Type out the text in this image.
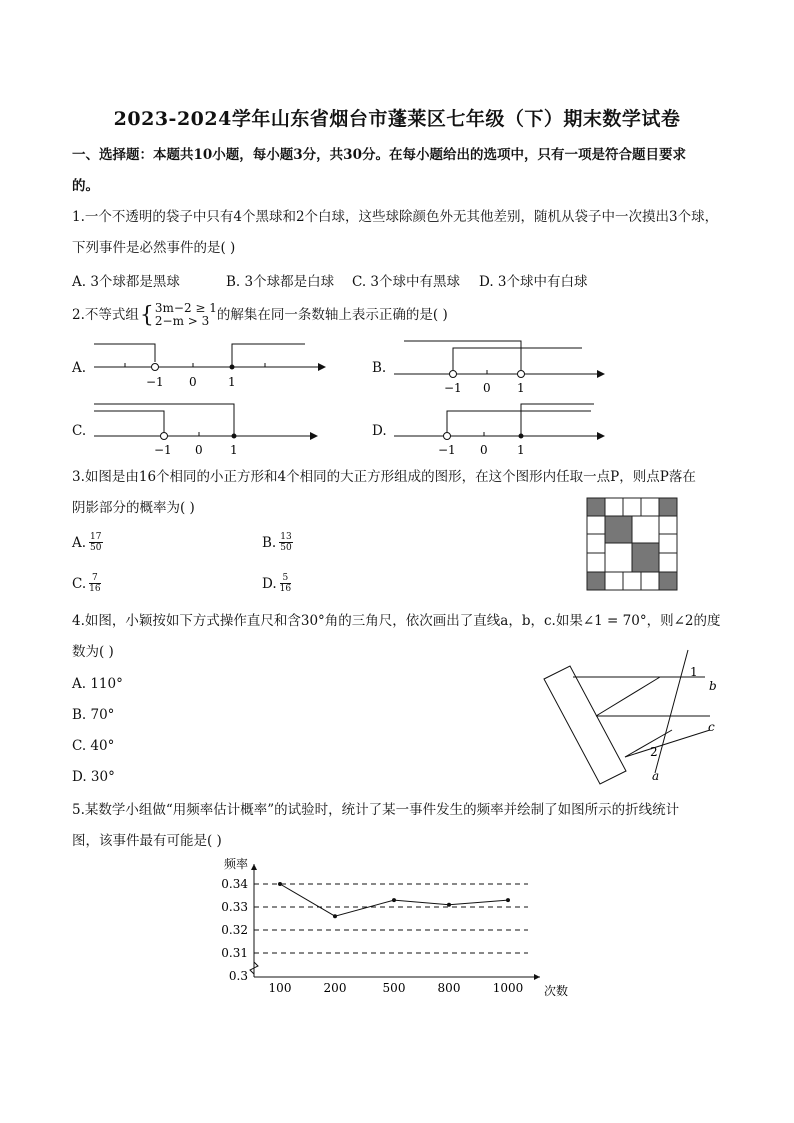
2023-2024学年山东省烟台市蓬莱区七年级（下）期末数学试卷
一、选择题：本题共10小题，每小题3分，共30分。在每小题给出的选项中，只有一项是符合题目要求
的。
1.一个不透明的袋子中只有4个黑球和2个白球，这些球除颜色外无其他差别，随机从袋子中一次摸出3个球，
下列事件是必然事件的是( )
A. 3个球都是黑球	B. 3个球都是白球 C. 3个球中有黑球 D. 3个球中有白球
2.不等式组 { 3m−2 ≥ 1
2−m > 3 的解集在同一条数轴上表示正确的是( )
A.
−1 0	1
B.
−1 0 1
C.
−1 0 1
D.
−1 0 1
3.如图是由16个相同的小正方形和4个相同的大正方形组成的图形，在这个图形内任取一点P，则点P落在
阴影部分的概率为( )
A. $\frac{17}{50}$	B. $\frac{13}{50}$
C. $\frac{7}{16}$	D. $\frac{5}{16}$
4.如图，小颖按如下方式操作直尺和含30°角的三角尺，依次画出了直线a，b，c.如果∠1 = 70°，则∠2的度
数为( )
A. 110°
B. 70°
C. 40°
D. 30°
1
2
b
c
a
5.某数学小组做“用频率估计概率”的试验时，统计了某一事件发生的频率并绘制了如图所示的折线统计
图，该事件最有可能是( )
0.3
0.31
0.32
0.33
0.34
频率
次数
100	200	500	800	1000
